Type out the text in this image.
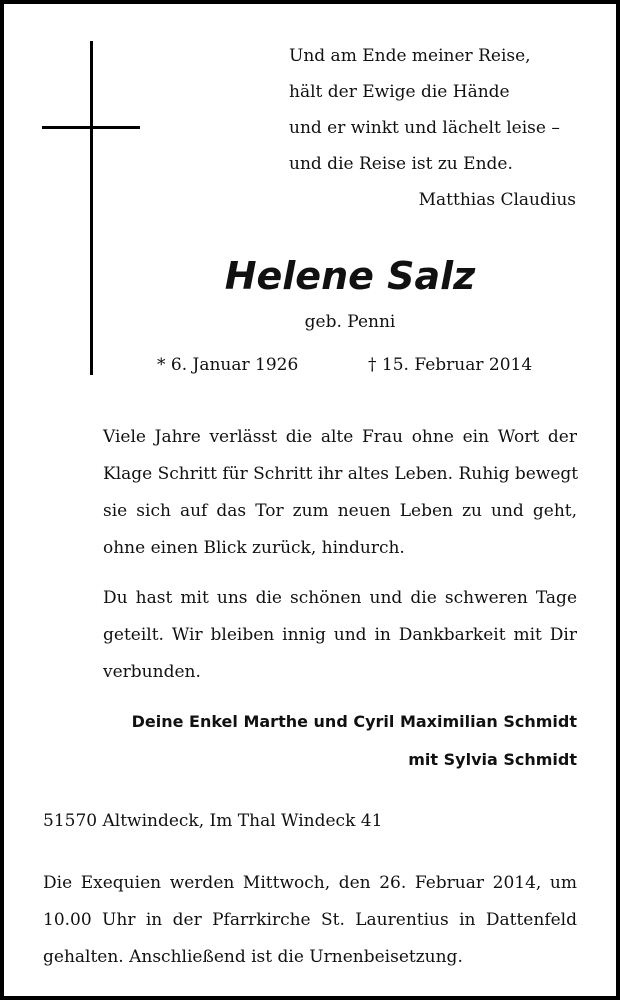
Und am Ende meiner Reise,
hält der Ewige die Hände
und er winkt und lächelt leise –
und die Reise ist zu Ende.
Matthias Claudius
Helene Salz
geb. Penni
* 6. Januar 1926	† 15. Februar 2014
Viele Jahre verlässt die alte Frau ohne ein Wort der
Klage Schritt für Schritt ihr altes Leben. Ruhig bewegt
sie sich auf das Tor zum neuen Leben zu und geht,
ohne einen Blick zurück, hindurch.
Du hast mit uns die schönen und die schweren Tage
geteilt. Wir bleiben innig und in Dankbarkeit mit Dir
verbunden.
Deine Enkel Marthe und Cyril Maximilian Schmidt
mit Sylvia Schmidt
51570 Altwindeck, Im Thal Windeck 41
Die Exequien werden Mittwoch, den 26. Februar 2014, um
10.00 Uhr in der Pfarrkirche St. Laurentius in Dattenfeld
gehalten. Anschließend ist die Urnenbeisetzung.
